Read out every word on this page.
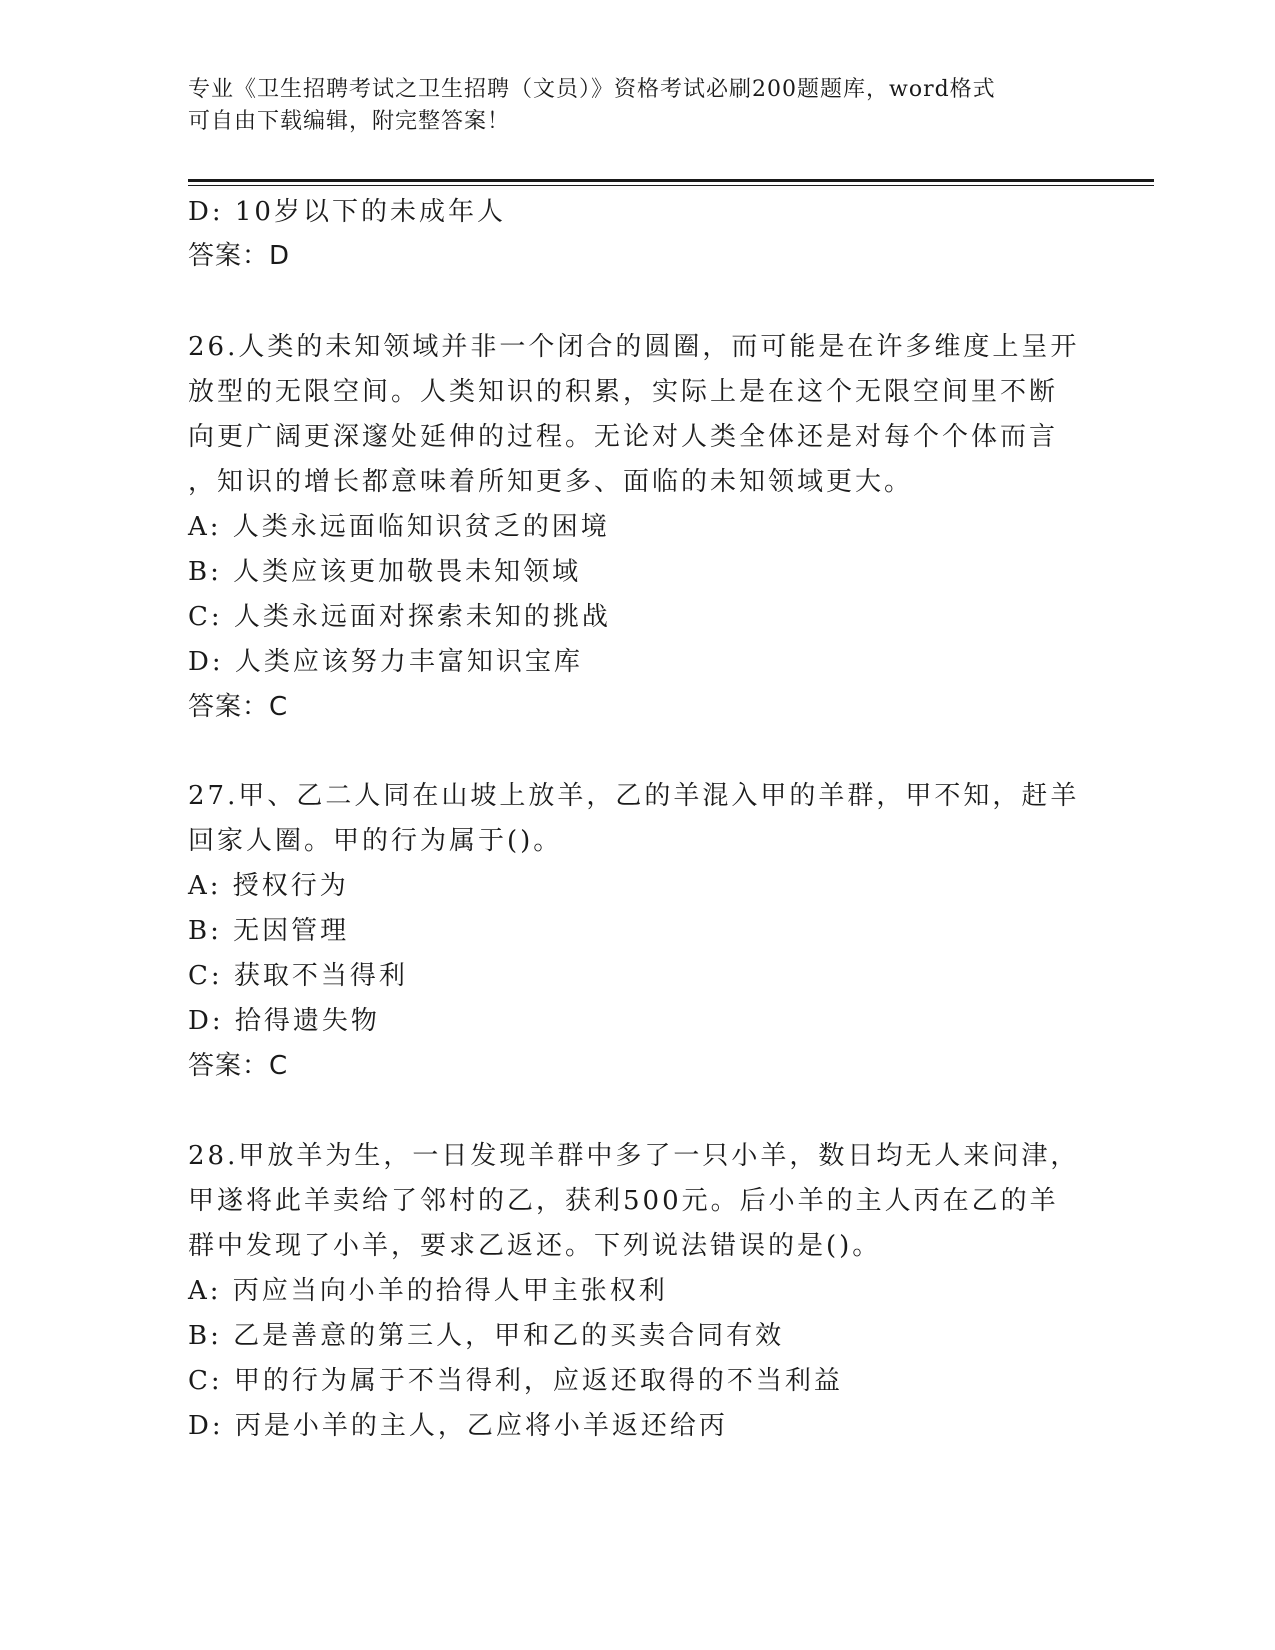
专业《卫生招聘考试之卫生招聘（文员）》资格考试必刷200题题库，word格式
可自由下载编辑，附完整答案！
D: 10岁以下的未成年人
答案：D
26.人类的未知领域并非一个闭合的圆圈，而可能是在许多维度上呈开
放型的无限空间。人类知识的积累，实际上是在这个无限空间里不断
向更广阔更深邃处延伸的过程。无论对人类全体还是对每个个体而言
，知识的增长都意味着所知更多、面临的未知领域更大。
A: 人类永远面临知识贫乏的困境
B: 人类应该更加敬畏未知领域
C: 人类永远面对探索未知的挑战
D: 人类应该努力丰富知识宝库
答案：C
27.甲、乙二人同在山坡上放羊，乙的羊混入甲的羊群，甲不知，赶羊
回家人圈。甲的行为属于()。
A: 授权行为
B: 无因管理
C: 获取不当得利
D: 拾得遗失物
答案：C
28.甲放羊为生，一日发现羊群中多了一只小羊，数日均无人来问津，
甲遂将此羊卖给了邻村的乙，获利500元。后小羊的主人丙在乙的羊
群中发现了小羊，要求乙返还。下列说法错误的是()。
A: 丙应当向小羊的拾得人甲主张权利
B: 乙是善意的第三人，甲和乙的买卖合同有效
C: 甲的行为属于不当得利，应返还取得的不当利益
D: 丙是小羊的主人，乙应将小羊返还给丙
